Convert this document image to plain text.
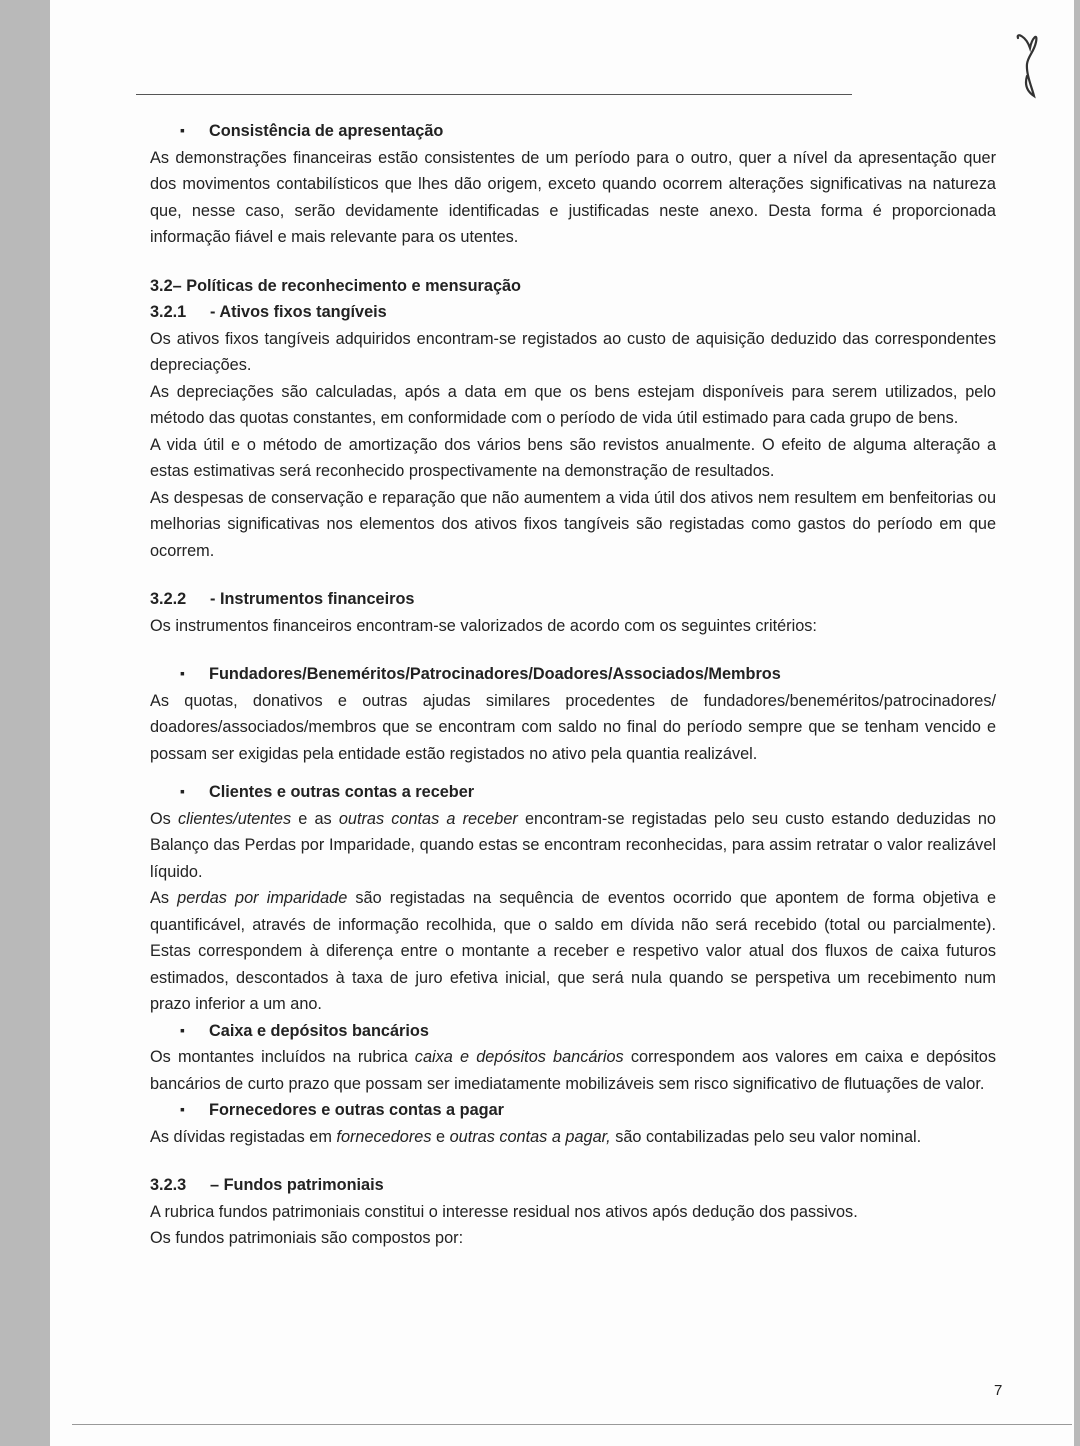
▪ Consistência de apresentação

As demonstrações financeiras estão consistentes de um período para o outro, quer a nível da apresentação quer dos movimentos contabilísticos que lhes dão origem, exceto quando ocorrem alterações significativas na natureza que, nesse caso, serão devidamente identificadas e justificadas neste anexo. Desta forma é proporcionada informação fiável e mais relevante para os utentes.

3.2– Políticas de reconhecimento e mensuração

3.2.1 - Ativos fixos tangíveis

Os ativos fixos tangíveis adquiridos encontram-se registados ao custo de aquisição deduzido das correspondentes depreciações.

As depreciações são calculadas, após a data em que os bens estejam disponíveis para serem utilizados, pelo método das quotas constantes, em conformidade com o período de vida útil estimado para cada grupo de bens.

A vida útil e o método de amortização dos vários bens são revistos anualmente. O efeito de alguma alteração a estas estimativas será reconhecido prospectivamente na demonstração de resultados.

As despesas de conservação e reparação que não aumentem a vida útil dos ativos nem resultem em benfeitorias ou melhorias significativas nos elementos dos ativos fixos tangíveis são registadas como gastos do período em que ocorrem.

3.2.2 - Instrumentos financeiros

Os instrumentos financeiros encontram-se valorizados de acordo com os seguintes critérios:

▪ Fundadores/Beneméritos/Patrocinadores/Doadores/Associados/Membros

As quotas, donativos e outras ajudas similares procedentes de fundadores/beneméritos/patrocinadores/ doadores/associados/membros que se encontram com saldo no final do período sempre que se tenham vencido e possam ser exigidas pela entidade estão registados no ativo pela quantia realizável.

▪ Clientes e outras contas a receber

Os clientes/utentes e as outras contas a receber encontram-se registadas pelo seu custo estando deduzidas no Balanço das Perdas por Imparidade, quando estas se encontram reconhecidas, para assim retratar o valor realizável líquido.

As perdas por imparidade são registadas na sequência de eventos ocorrido que apontem de forma objetiva e quantificável, através de informação recolhida, que o saldo em dívida não será recebido (total ou parcialmente). Estas correspondem à diferença entre o montante a receber e respetivo valor atual dos fluxos de caixa futuros estimados, descontados à taxa de juro efetiva inicial, que será nula quando se perspetiva um recebimento num prazo inferior a um ano.

▪ Caixa e depósitos bancários

Os montantes incluídos na rubrica caixa e depósitos bancários correspondem aos valores em caixa e depósitos bancários de curto prazo que possam ser imediatamente mobilizáveis sem risco significativo de flutuações de valor.

▪ Fornecedores e outras contas a pagar

As dívidas registadas em fornecedores e outras contas a pagar, são contabilizadas pelo seu valor nominal.

3.2.3 – Fundos patrimoniais

A rubrica fundos patrimoniais constitui o interesse residual nos ativos após dedução dos passivos.

Os fundos patrimoniais são compostos por:

7
